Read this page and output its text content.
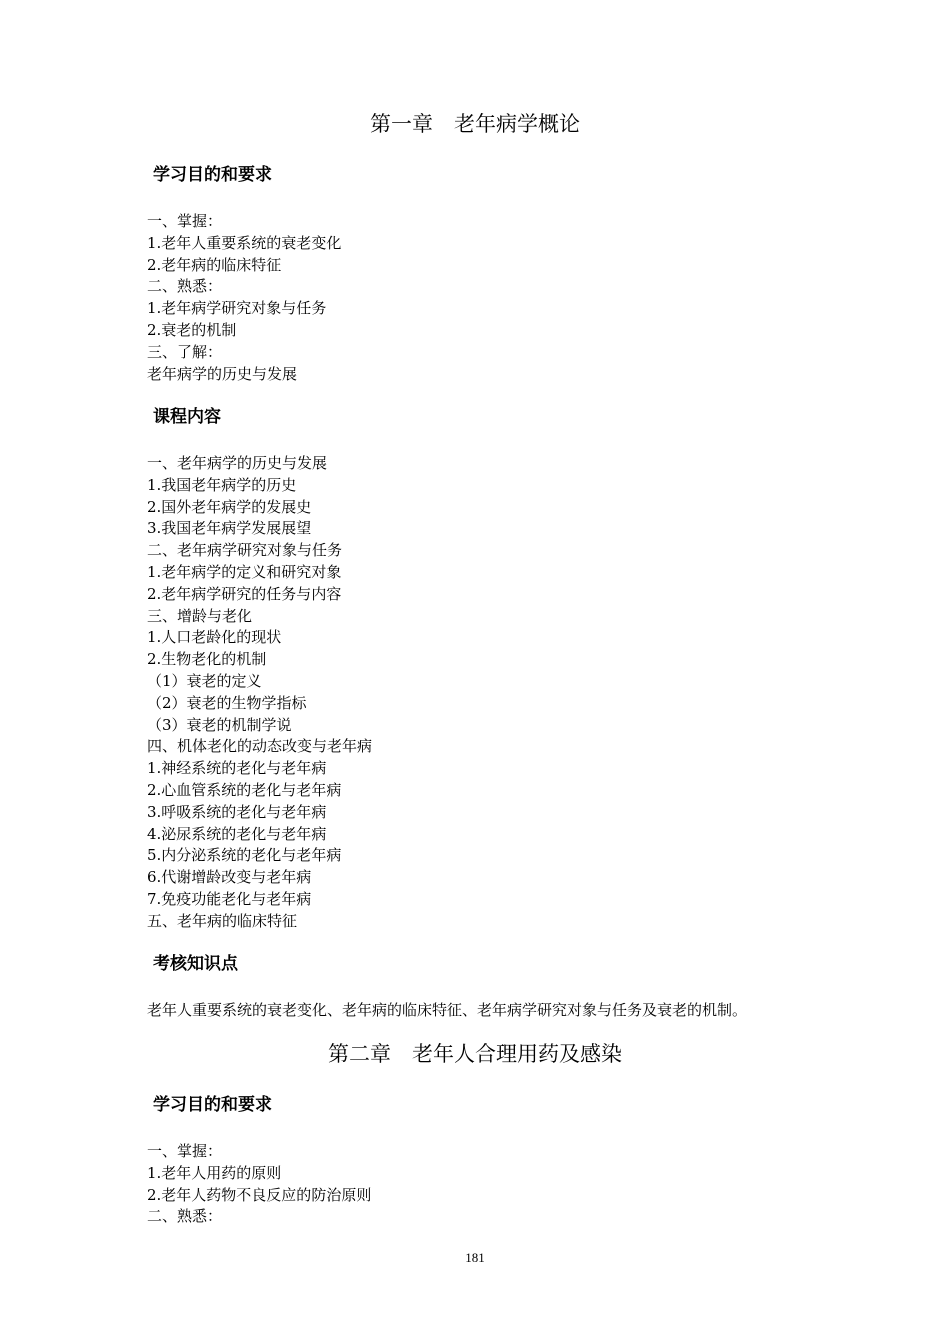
第一章　老年病学概论
学习目的和要求
一、掌握：
1.老年人重要系统的衰老变化
2.老年病的临床特征
二、熟悉：
1.老年病学研究对象与任务
2.衰老的机制
三、了解：
老年病学的历史与发展
课程内容
一、老年病学的历史与发展
1.我国老年病学的历史
2.国外老年病学的发展史
3.我国老年病学发展展望
二、老年病学研究对象与任务
1.老年病学的定义和研究对象
2.老年病学研究的任务与内容
三、增龄与老化
1.人口老龄化的现状
2.生物老化的机制
（1）衰老的定义
（2）衰老的生物学指标
（3）衰老的机制学说
四、机体老化的动态改变与老年病
1.神经系统的老化与老年病
2.心血管系统的老化与老年病
3.呼吸系统的老化与老年病
4.泌尿系统的老化与老年病
5.内分泌系统的老化与老年病
6.代谢增龄改变与老年病
7.免疫功能老化与老年病
五、老年病的临床特征
考核知识点
老年人重要系统的衰老变化、老年病的临床特征、老年病学研究对象与任务及衰老的机制。
第二章　老年人合理用药及感染
学习目的和要求
一、掌握：
1.老年人用药的原则
2.老年人药物不良反应的防治原则
二、熟悉：
181
